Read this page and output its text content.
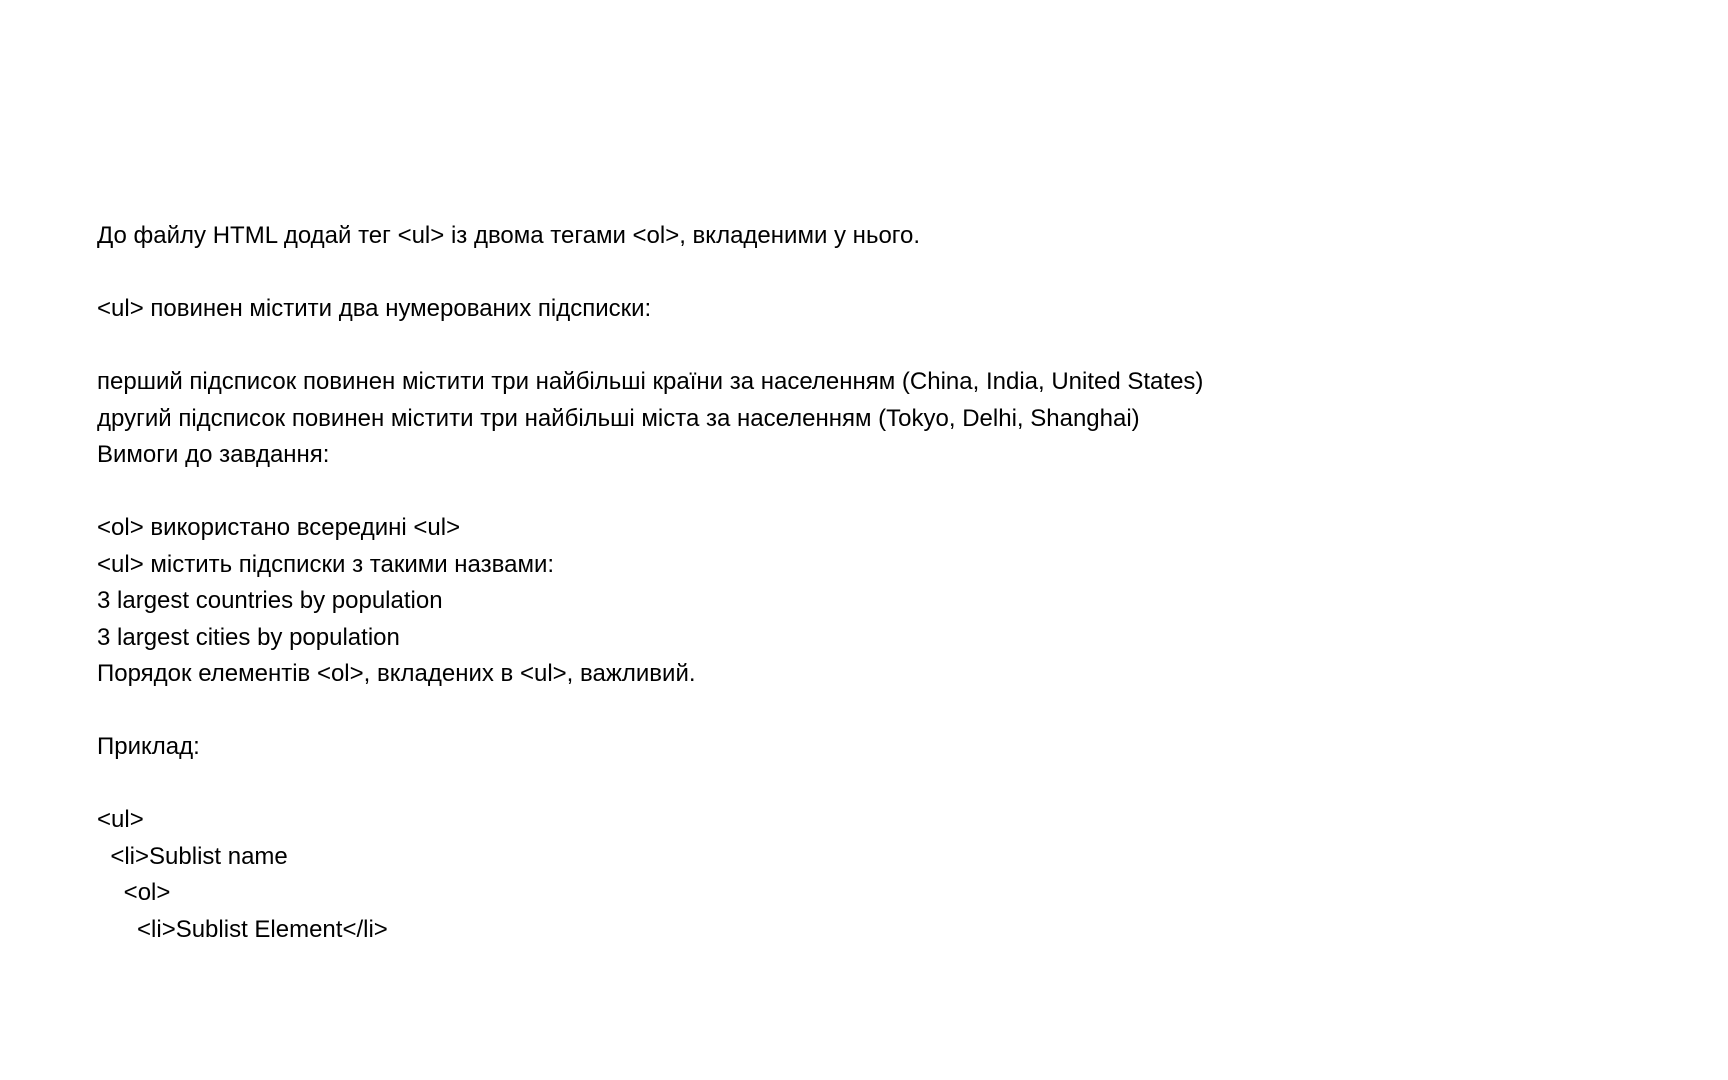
До файлу HTML додай тег <ul> із двома тегами <ol>, вкладеними у нього.

<ul> повинен містити два нумерованих підсписки:

перший підсписок повинен містити три найбільші країни за населенням (China, India, United States)

другий підсписок повинен містити три найбільші міста за населенням (Tokyo, Delhi, Shanghai)

Вимоги до завдання:

<ol> використано всередині <ul>

<ul> містить підсписки з такими назвами:

3 largest countries by population

3 largest cities by population

Порядок елементів <ol>, вкладених в <ul>, важливий.

Приклад:

<ul>

<li>Sublist name

<ol>

<li>Sublist Element</li>
